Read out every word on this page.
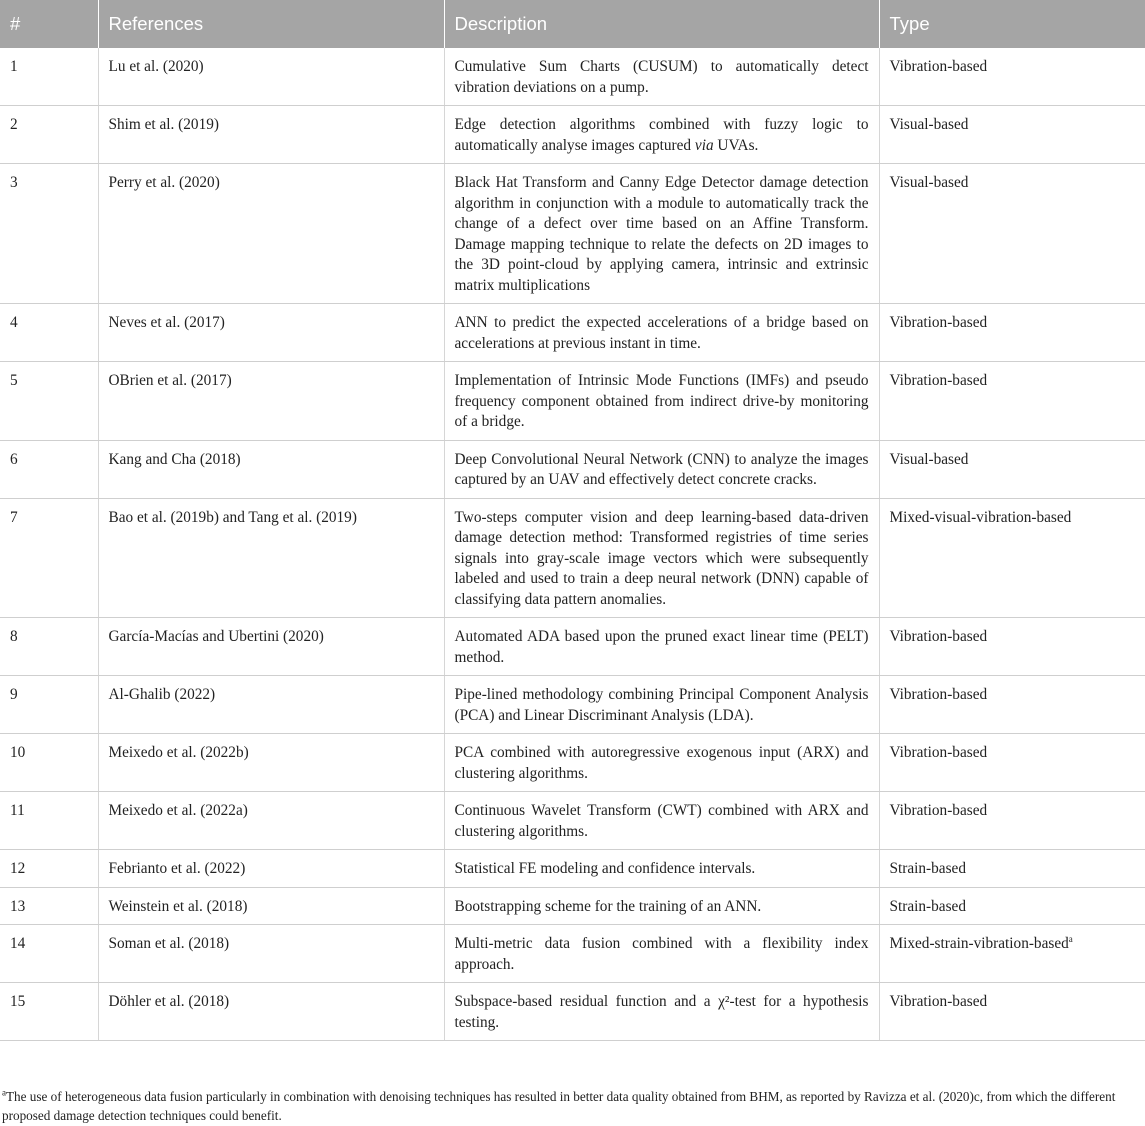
#	References	Description	Type
1	Lu et al. (2020)	Cumulative Sum Charts (CUSUM) to automatically detect vibration deviations on a pump.	Vibration-based
2	Shim et al. (2019)	Edge detection algorithms combined with fuzzy logic to automatically analyse images captured via UVAs.	Visual-based
3	Perry et al. (2020)	Black Hat Transform and Canny Edge Detector damage detection algorithm in conjunction with a module to automatically track the change of a defect over time based on an Affine Transform. Damage mapping technique to relate the defects on 2D images to the 3D point-cloud by applying camera, intrinsic and extrinsic matrix multiplications	Visual-based
4	Neves et al. (2017)	ANN to predict the expected accelerations of a bridge based on accelerations at previous instant in time.	Vibration-based
5	OBrien et al. (2017)	Implementation of Intrinsic Mode Functions (IMFs) and pseudo frequency component obtained from indirect drive-by monitoring of a bridge.	Vibration-based
6	Kang and Cha (2018)	Deep Convolutional Neural Network (CNN) to analyze the images captured by an UAV and effectively detect concrete cracks.	Visual-based
7	Bao et al. (2019b) and Tang et al. (2019)	Two-steps computer vision and deep learning-based data-driven damage detection method: Transformed registries of time series signals into gray-scale image vectors which were subsequently labeled and used to train a deep neural network (DNN) capable of classifying data pattern anomalies.	Mixed-visual-vibration-based
8	García-Macías and Ubertini (2020)	Automated ADA based upon the pruned exact linear time (PELT) method.	Vibration-based
9	Al-Ghalib (2022)	Pipe-lined methodology combining Principal Component Analysis (PCA) and Linear Discriminant Analysis (LDA).	Vibration-based
10	Meixedo et al. (2022b)	PCA combined with autoregressive exogenous input (ARX) and clustering algorithms.	Vibration-based
11	Meixedo et al. (2022a)	Continuous Wavelet Transform (CWT) combined with ARX and clustering algorithms.	Vibration-based
12	Febrianto et al. (2022)	Statistical FE modeling and confidence intervals.	Strain-based
13	Weinstein et al. (2018)	Bootstrapping scheme for the training of an ANN.	Strain-based
14	Soman et al. (2018)	Multi-metric data fusion combined with a flexibility index approach.	Mixed-strain-vibration-based$^a$
15	Döhler et al. (2018)	Subspace-based residual function and a χ²-test for a hypothesis testing.	Vibration-based
$^a$The use of heterogeneous data fusion particularly in combination with denoising techniques has resulted in better data quality obtained from BHM, as reported by Ravizza et al. (2020)c, from which the different proposed damage detection techniques could benefit.
